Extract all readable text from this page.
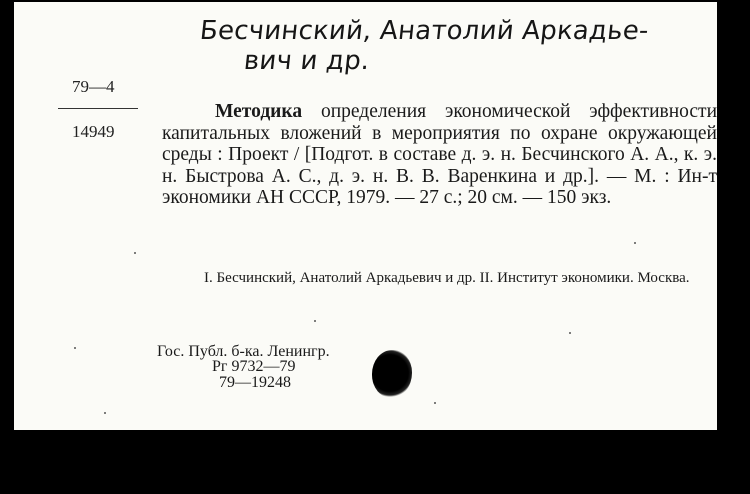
Бесчинский, Анатолий Аркадье-

вич и др.

79—4
14949

Методика определения экономической эффективности капитальных вложений в мероприятия по охране окружающей среды : Проект / [Подгот. в составе д. э. н. Бесчинского А. А., к. э. н. Быстрова А. С., д. э. н. В. В. Варенкина и др.]. — М. : Ин-т экономики АН СССР, 1979. — 27 с.; 20 см. — 150 экз.

I. Бесчинский, Анатолий Аркадьевич и др. II. Институт экономики. Москва.

Гос. Публ. б-ка. Ленингр.
Рг 9732—79
79—19248
